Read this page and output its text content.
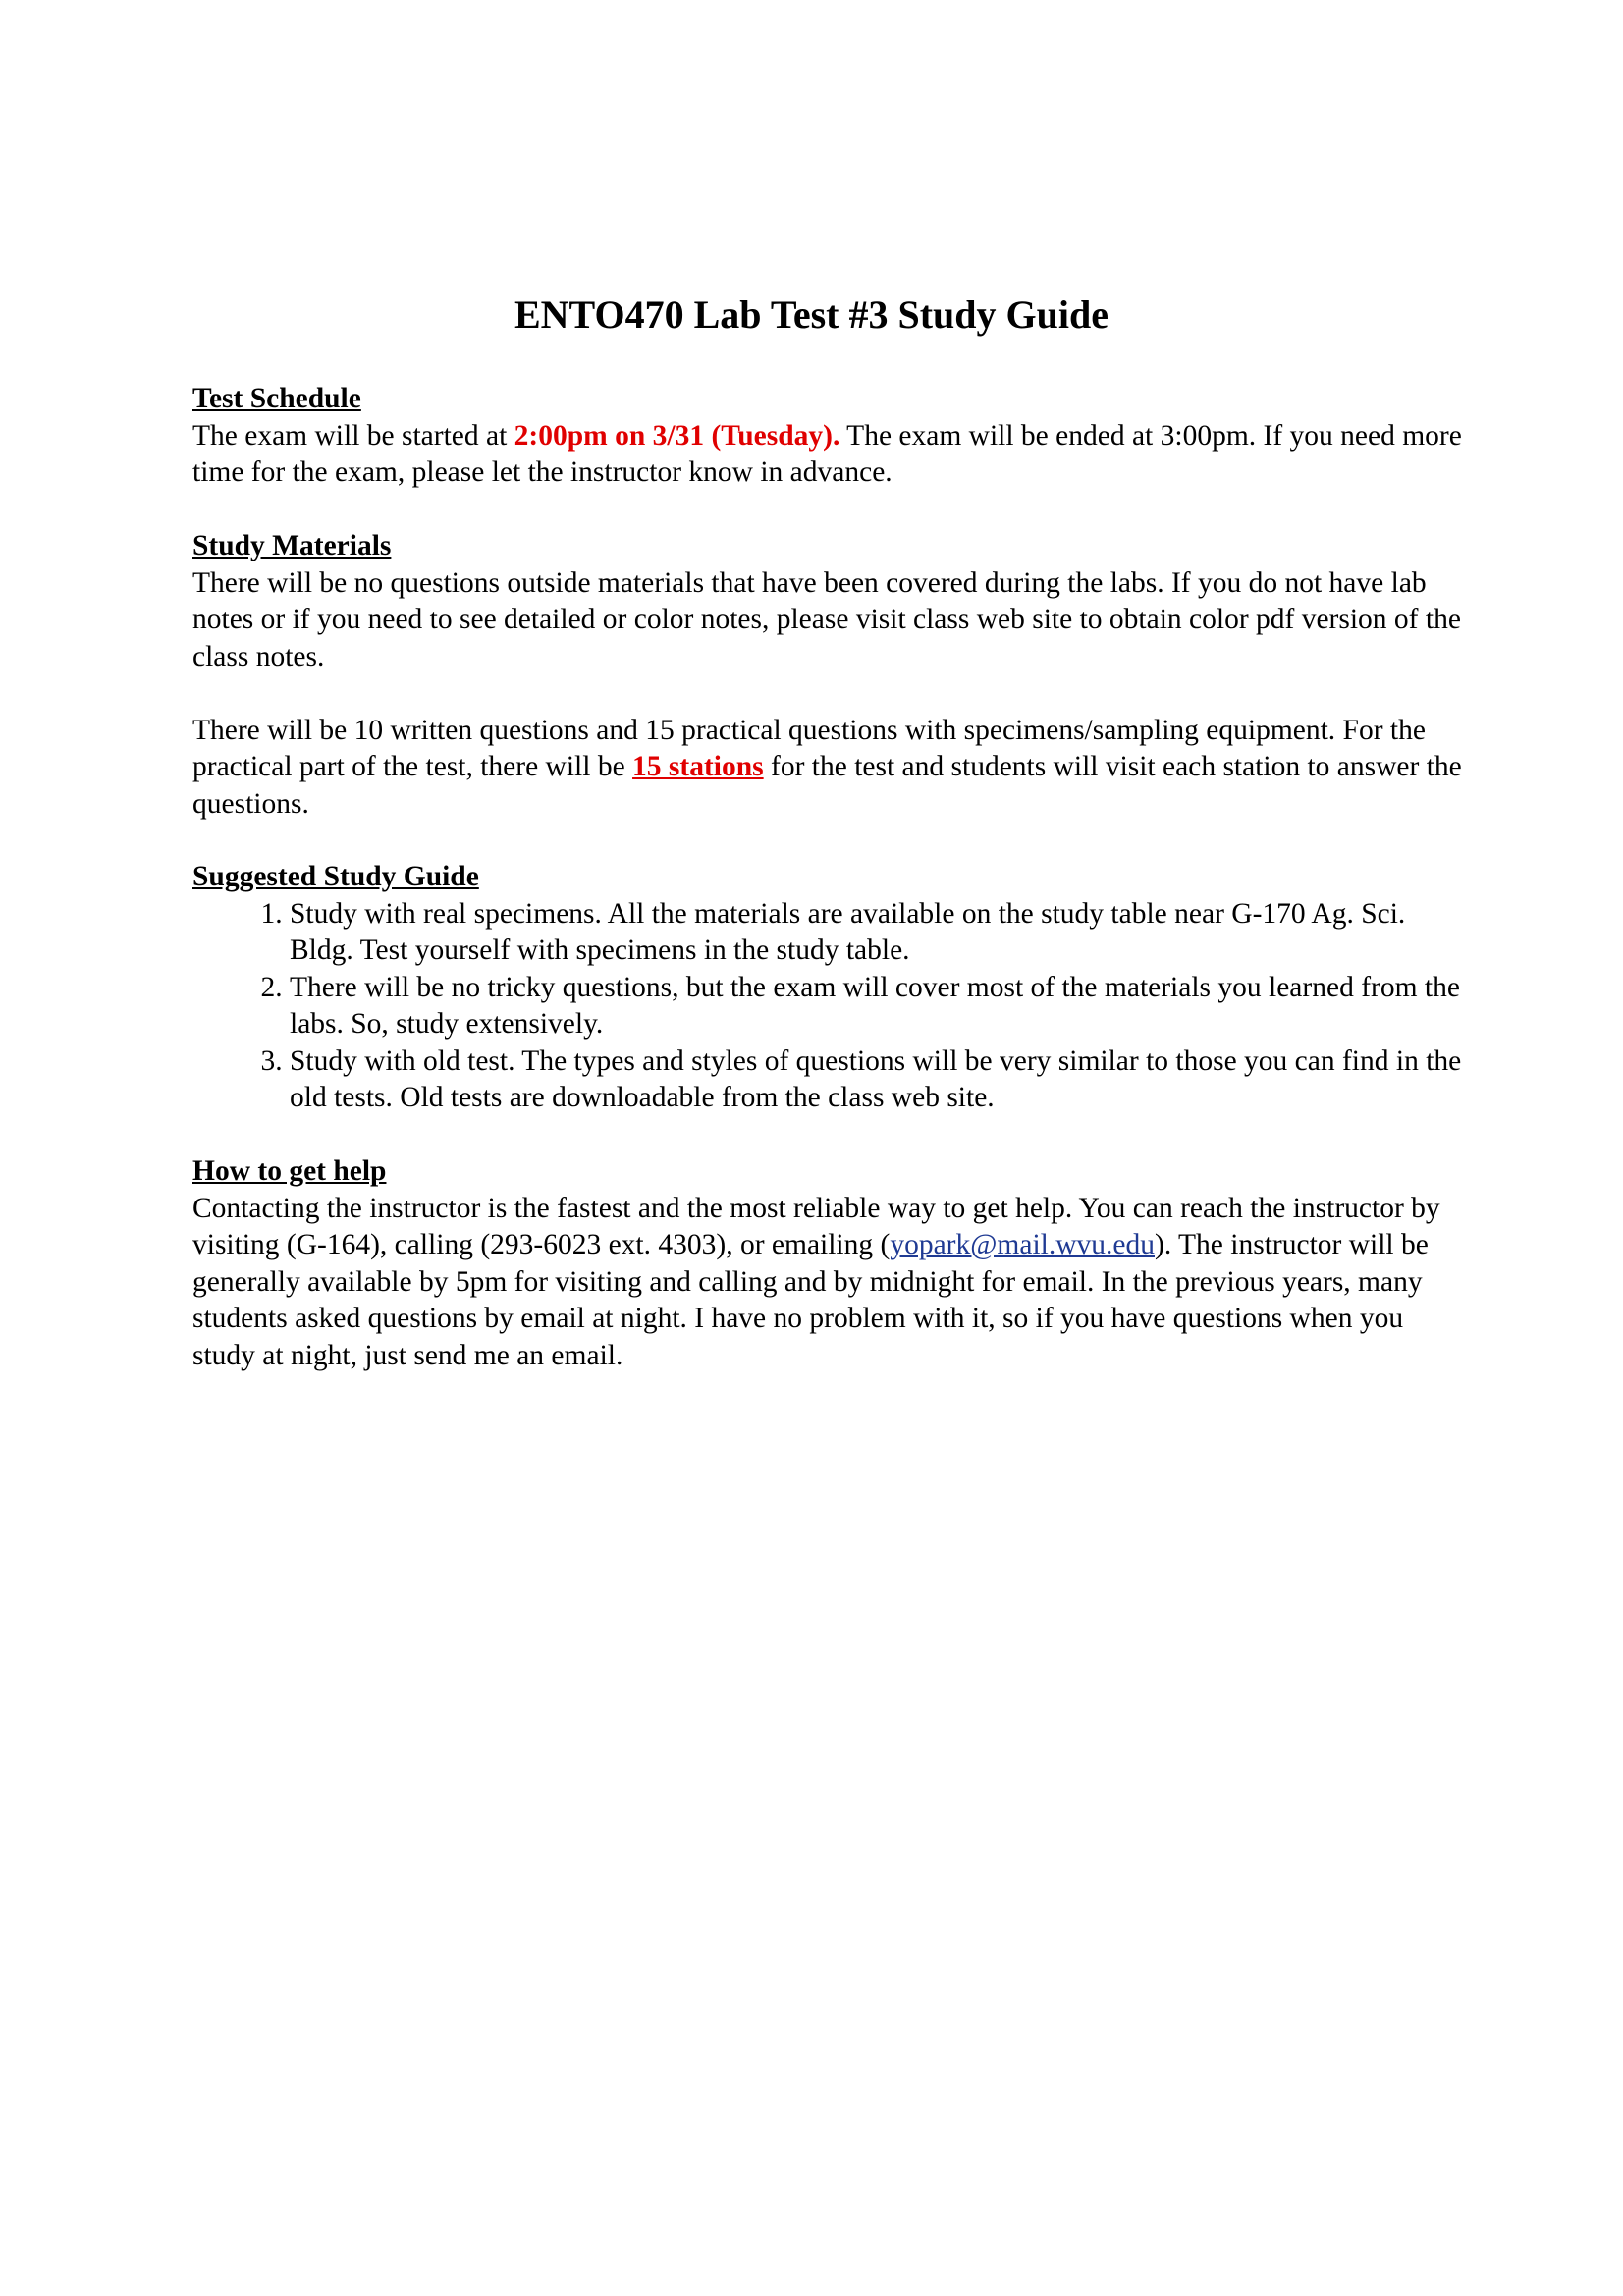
ENTO470 Lab Test #3 Study Guide
Test Schedule

The exam will be started at 2:00pm on 3/31 (Tuesday). The exam will be ended at 3:00pm. If you need more time for the exam, please let the instructor know in advance.

Study Materials

There will be no questions outside materials that have been covered during the labs. If you do not have lab notes or if you need to see detailed or color notes, please visit class web site to obtain color pdf version of the class notes.

There will be 10 written questions and 15 practical questions with specimens/sampling equipment. For the practical part of the test, there will be 15 stations for the test and students will visit each station to answer the questions.

Suggested Study Guide
1. Study with real specimens. All the materials are available on the study table near G-170 Ag. Sci. Bldg. Test yourself with specimens in the study table.
2. There will be no tricky questions, but the exam will cover most of the materials you learned from the labs. So, study extensively.
3. Study with old test. The types and styles of questions will be very similar to those you can find in the old tests. Old tests are downloadable from the class web site.
How to get help

Contacting the instructor is the fastest and the most reliable way to get help. You can reach the instructor by visiting (G-164), calling (293-6023 ext. 4303), or emailing (yopark@mail.wvu.edu). The instructor will be generally available by 5pm for visiting and calling and by midnight for email. In the previous years, many students asked questions by email at night. I have no problem with it, so if you have questions when you study at night, just send me an email.
